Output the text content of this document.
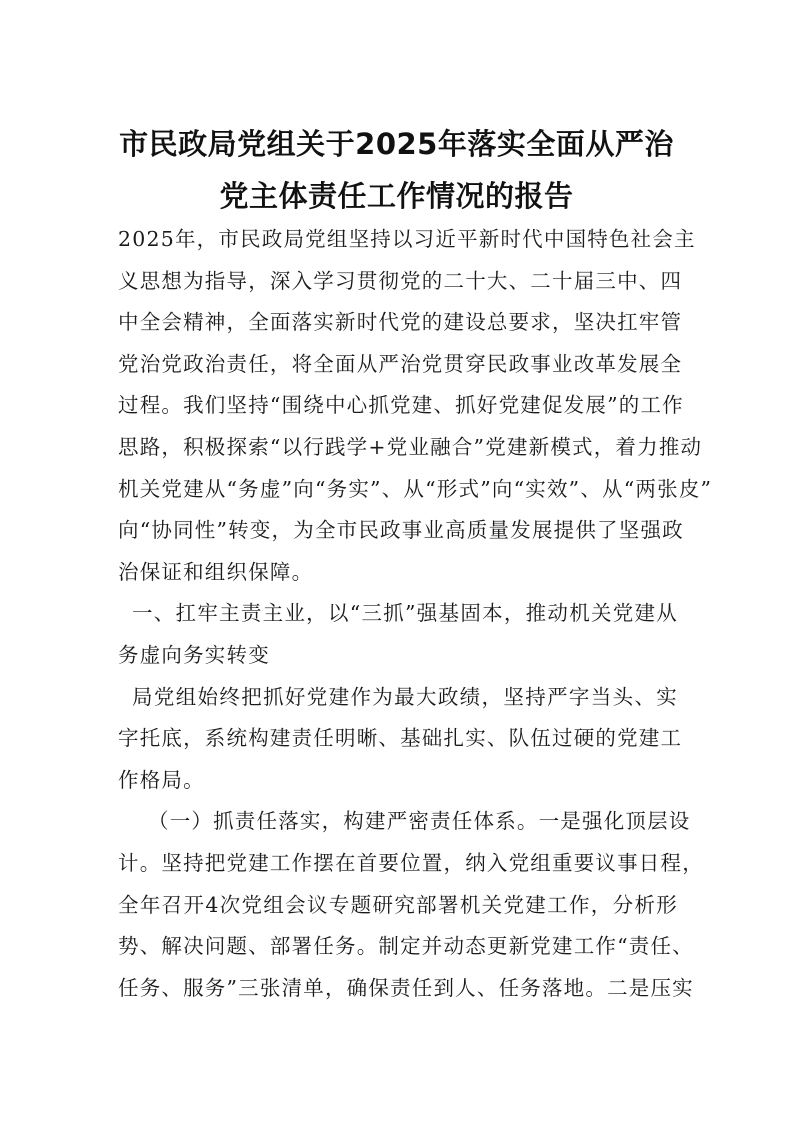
市民政局党组关于2025年落实全面从严治
党主体责任工作情况的报告
2025年，市民政局党组坚持以习近平新时代中国特色社会主
义思想为指导，深入学习贯彻党的二十大、二十届三中、四
中全会精神，全面落实新时代党的建设总要求，坚决扛牢管
党治党政治责任，将全面从严治党贯穿民政事业改革发展全
过程。我们坚持“围绕中心抓党建、抓好党建促发展”的工作
思路，积极探索“以行践学+党业融合”党建新模式，着力推动
机关党建从“务虚”向“务实”、从“形式”向“实效”、从“两张皮”
向“协同性”转变，为全市民政事业高质量发展提供了坚强政
治保证和组织保障。
一、扛牢主责主业，以“三抓”强基固本，推动机关党建从
务虚向务实转变
局党组始终把抓好党建作为最大政绩，坚持严字当头、实
字托底，系统构建责任明晰、基础扎实、队伍过硬的党建工
作格局。
（一）抓责任落实，构建严密责任体系。一是强化顶层设
计。坚持把党建工作摆在首要位置，纳入党组重要议事日程，
全年召开4次党组会议专题研究部署机关党建工作，分析形
势、解决问题、部署任务。制定并动态更新党建工作“责任、
任务、服务”三张清单，确保责任到人、任务落地。二是压实
